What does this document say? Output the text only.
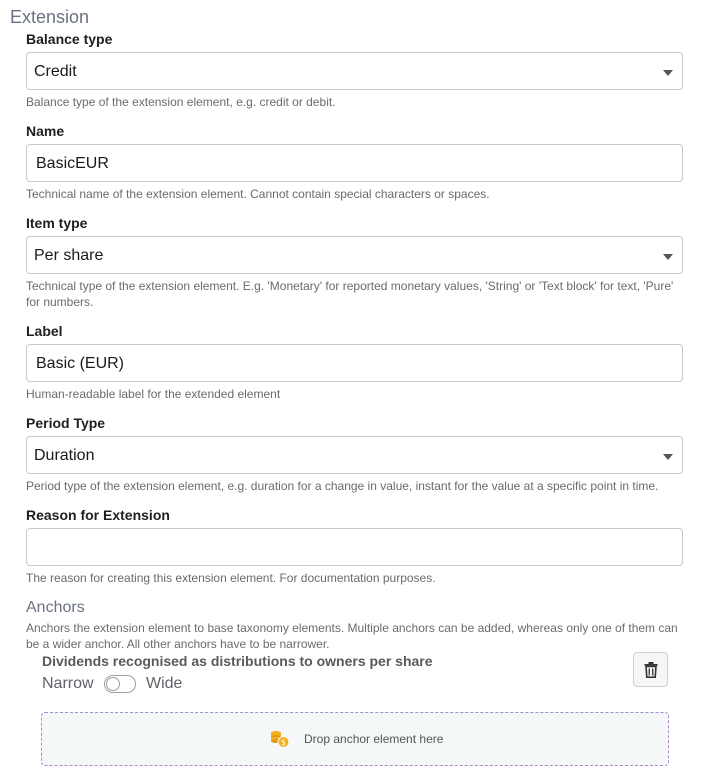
Extension
Balance type
Credit
Balance type of the extension element, e.g. credit or debit.
Name
BasicEUR
Technical name of the extension element. Cannot contain special characters or spaces.
Item type
Per share
Technical type of the extension element. E.g. 'Monetary' for reported monetary values, 'String' or 'Text block' for text, 'Pure' for numbers.
Label
Basic (EUR)
Human-readable label for the extended element
Period Type
Duration
Period type of the extension element, e.g. duration for a change in value, instant for the value at a specific point in time.
Reason for Extension
The reason for creating this extension element. For documentation purposes.
Anchors
Anchors the extension element to base taxonomy elements. Multiple anchors can be added, whereas only one of them can be a wider anchor. All other anchors have to be narrower.
Dividends recognised as distributions to owners per share
Narrow	Wide
$ Drop anchor element here
